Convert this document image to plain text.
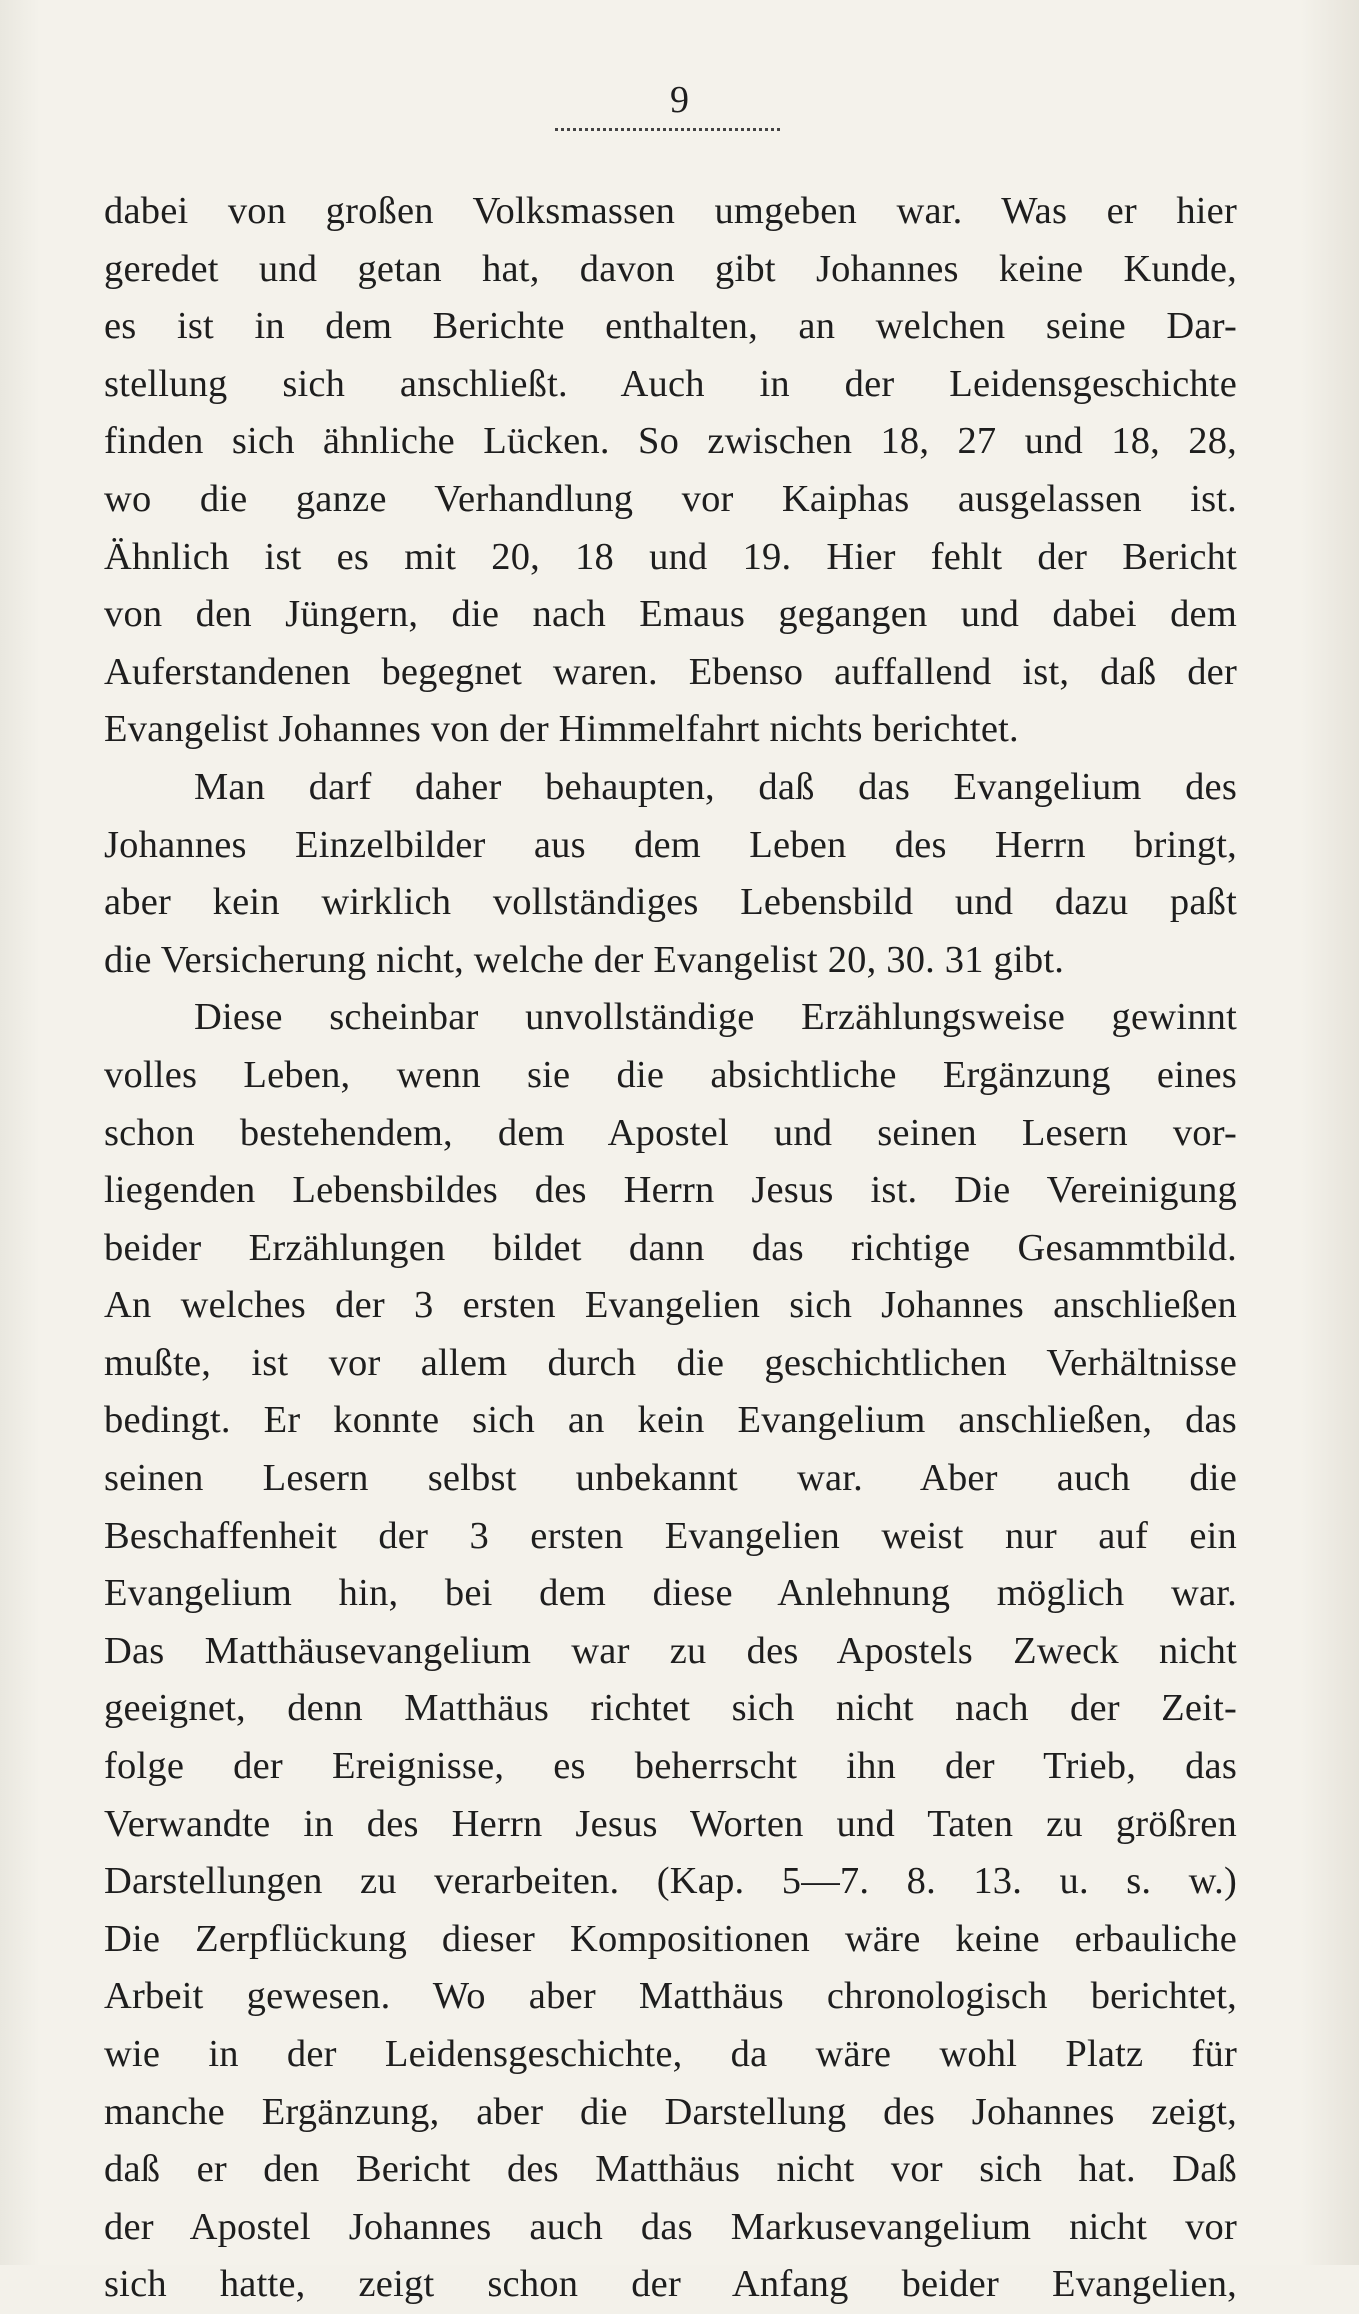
9
dabei von großen Volksmassen umgeben war. Was er hier
geredet und getan hat, davon gibt Johannes keine Kunde,
es ist in dem Berichte enthalten, an welchen seine Dar-
stellung sich anschließt. Auch in der Leidensgeschichte
finden sich ähnliche Lücken. So zwischen 18, 27 und 18, 28,
wo die ganze Verhandlung vor Kaiphas ausgelassen ist.
Ähnlich ist es mit 20, 18 und 19. Hier fehlt der Bericht
von den Jüngern, die nach Emaus gegangen und dabei dem
Auferstandenen begegnet waren. Ebenso auffallend ist, daß der
Evangelist Johannes von der Himmelfahrt nichts berichtet.
Man darf daher behaupten, daß das Evangelium des
Johannes Einzelbilder aus dem Leben des Herrn bringt,
aber kein wirklich vollständiges Lebensbild und dazu paßt
die Versicherung nicht, welche der Evangelist 20, 30. 31 gibt.
Diese scheinbar unvollständige Erzählungsweise gewinnt
volles Leben, wenn sie die absichtliche Ergänzung eines
schon bestehendem, dem Apostel und seinen Lesern vor-
liegenden Lebensbildes des Herrn Jesus ist. Die Vereinigung
beider Erzählungen bildet dann das richtige Gesammtbild.
An welches der 3 ersten Evangelien sich Johannes anschließen
mußte, ist vor allem durch die geschichtlichen Verhältnisse
bedingt. Er konnte sich an kein Evangelium anschließen, das
seinen Lesern selbst unbekannt war. Aber auch die
Beschaffenheit der 3 ersten Evangelien weist nur auf ein
Evangelium hin, bei dem diese Anlehnung möglich war.
Das Matthäusevangelium war zu des Apostels Zweck nicht
geeignet, denn Matthäus richtet sich nicht nach der Zeit-
folge der Ereignisse, es beherrscht ihn der Trieb, das
Verwandte in des Herrn Jesus Worten und Taten zu größren
Darstellungen zu verarbeiten. (Kap. 5—7. 8. 13. u. s. w.)
Die Zerpflückung dieser Kompositionen wäre keine erbauliche
Arbeit gewesen. Wo aber Matthäus chronologisch berichtet,
wie in der Leidensgeschichte, da wäre wohl Platz für
manche Ergänzung, aber die Darstellung des Johannes zeigt,
daß er den Bericht des Matthäus nicht vor sich hat. Daß
der Apostel Johannes auch das Markusevangelium nicht vor
sich hatte, zeigt schon der Anfang beider Evangelien,
